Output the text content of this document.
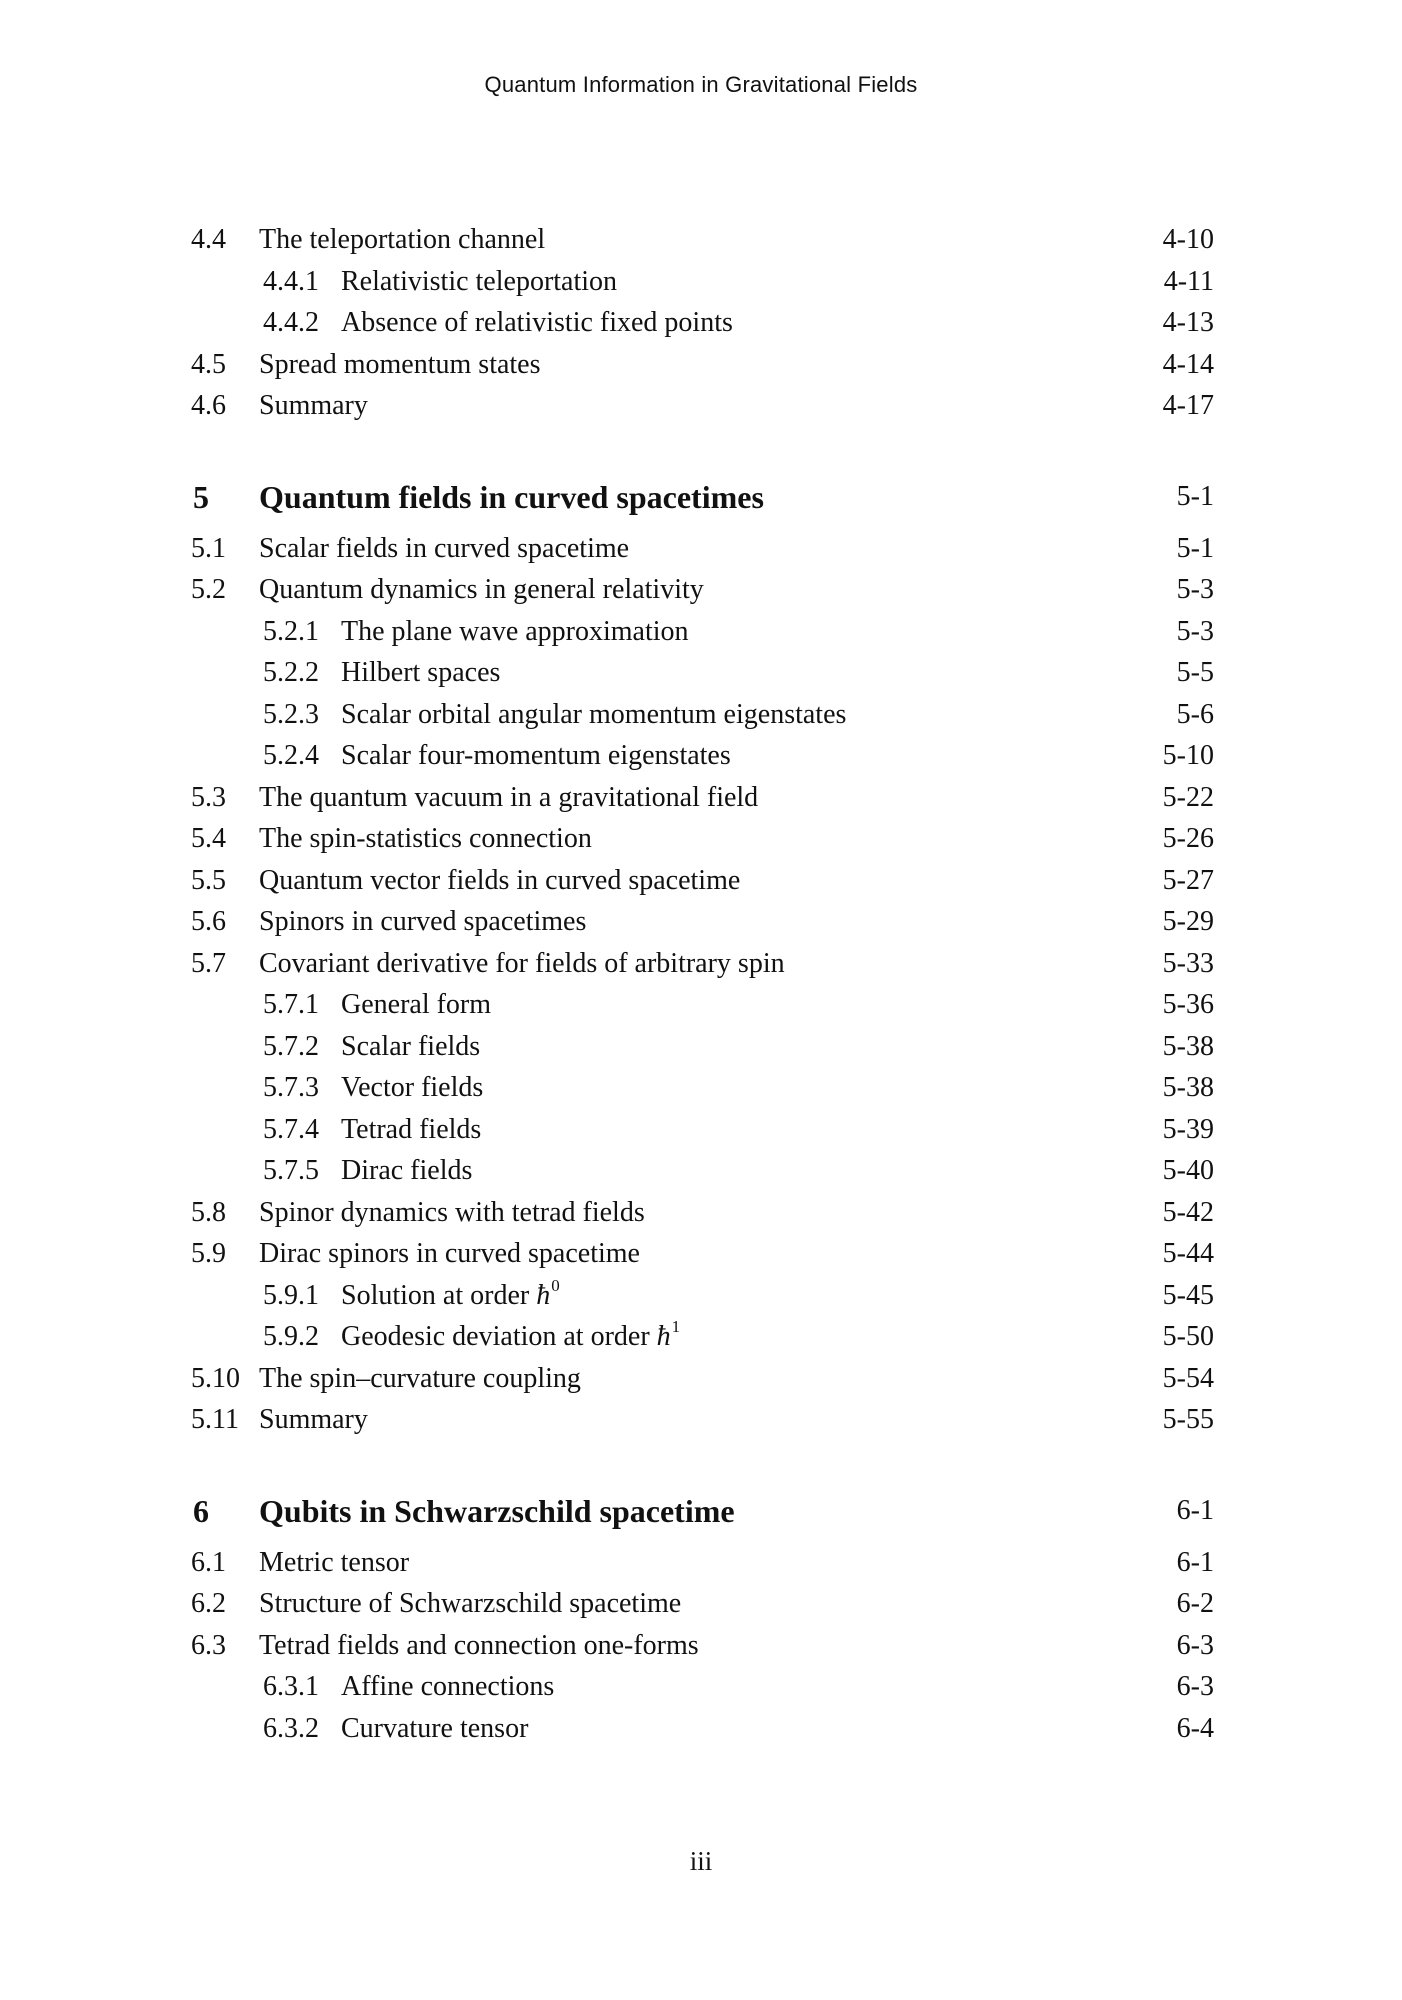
Quantum Information in Gravitational Fields
4.4 The teleportation channel	4-10
4.4.1 Relativistic teleportation	4-11
4.4.2 Absence of relativistic fixed points	4-13
4.5 Spread momentum states	4-14
4.6 Summary	4-17
5 Quantum fields in curved spacetimes	5-1
5.1 Scalar fields in curved spacetime	5-1
5.2 Quantum dynamics in general relativity	5-3
5.2.1 The plane wave approximation	5-3
5.2.2 Hilbert spaces	5-5
5.2.3 Scalar orbital angular momentum eigenstates	5-6
5.2.4 Scalar four-momentum eigenstates	5-10
5.3 The quantum vacuum in a gravitational field	5-22
5.4 The spin-statistics connection	5-26
5.5 Quantum vector fields in curved spacetime	5-27
5.6 Spinors in curved spacetimes	5-29
5.7 Covariant derivative for fields of arbitrary spin	5-33
5.7.1 General form	5-36
5.7.2 Scalar fields	5-38
5.7.3 Vector fields	5-38
5.7.4 Tetrad fields	5-39
5.7.5 Dirac fields	5-40
5.8 Spinor dynamics with tetrad fields	5-42
5.9 Dirac spinors in curved spacetime	5-44
5.9.1 Solution at order $ħ^0$	5-45
5.9.2 Geodesic deviation at order $ħ^1$	5-50
5.10 The spin–curvature coupling	5-54
5.11 Summary	5-55
6 Qubits in Schwarzschild spacetime	6-1
6.1 Metric tensor	6-1
6.2 Structure of Schwarzschild spacetime	6-2
6.3 Tetrad fields and connection one-forms	6-3
6.3.1 Affine connections	6-3
6.3.2 Curvature tensor	6-4
iii
